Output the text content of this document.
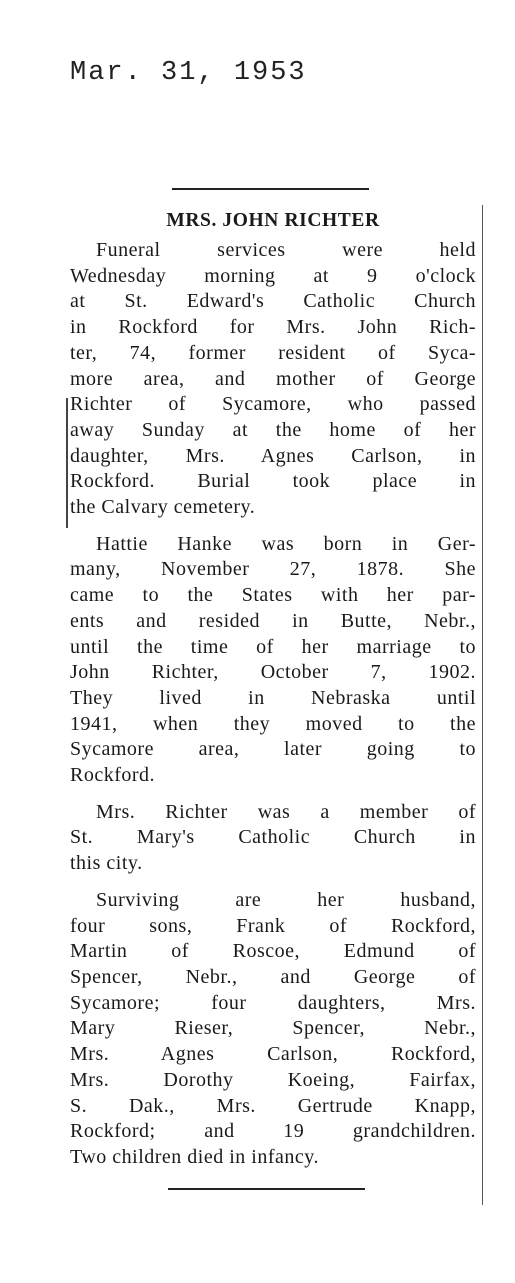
Mar. 31, 1953
MRS. JOHN RICHTER
Funeral services were held
Wednesday morning at 9 o'clock
at St. Edward's Catholic Church
in Rockford for Mrs. John Rich-
ter, 74, former resident of Syca-
more area, and mother of George
Richter of Sycamore, who passed
away Sunday at the home of her
daughter, Mrs. Agnes Carlson, in
Rockford. Burial took place in
the Calvary cemetery.
Hattie Hanke was born in Ger-
many, November 27, 1878. She
came to the States with her par-
ents and resided in Butte, Nebr.,
until the time of her marriage to
John Richter, October 7, 1902.
They lived in Nebraska until
1941, when they moved to the
Sycamore area, later going to
Rockford.
Mrs. Richter was a member of
St. Mary's Catholic Church in
this city.
Surviving are her husband,
four sons, Frank of Rockford,
Martin of Roscoe, Edmund of
Spencer, Nebr., and George of
Sycamore; four daughters, Mrs.
Mary Rieser, Spencer, Nebr.,
Mrs. Agnes Carlson, Rockford,
Mrs. Dorothy Koeing, Fairfax,
S. Dak., Mrs. Gertrude Knapp,
Rockford; and 19 grandchildren.
Two children died in infancy.
